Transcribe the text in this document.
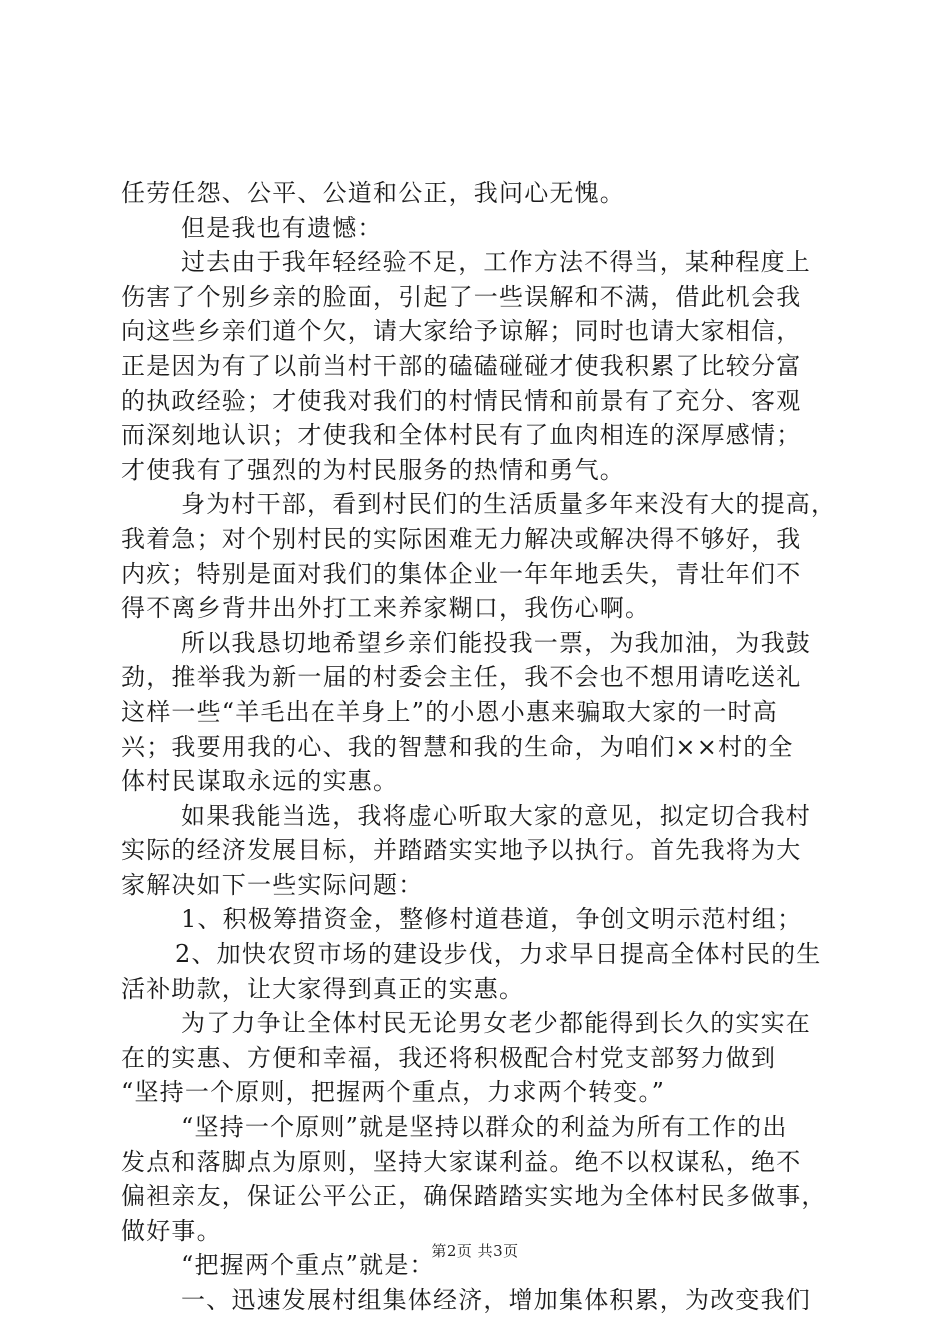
任劳任怨、公平、公道和公正，我问心无愧。
但是我也有遗憾：
过去由于我年轻经验不足，工作方法不得当，某种程度上
伤害了个别乡亲的脸面，引起了一些误解和不满，借此机会我
向这些乡亲们道个欠，请大家给予谅解；同时也请大家相信，
正是因为有了以前当村干部的磕磕碰碰才使我积累了比较分富
的执政经验；才使我对我们的村情民情和前景有了充分、客观
而深刻地认识；才使我和全体村民有了血肉相连的深厚感情；
才使我有了强烈的为村民服务的热情和勇气。
身为村干部，看到村民们的生活质量多年来没有大的提高，
我着急；对个别村民的实际困难无力解决或解决得不够好，我
内疚；特别是面对我们的集体企业一年年地丢失，青壮年们不
得不离乡背井出外打工来养家糊口，我伤心啊。
所以我恳切地希望乡亲们能投我一票，为我加油，为我鼓
劲，推举我为新一届的村委会主任，我不会也不想用请吃送礼
这样一些“羊毛出在羊身上”的小恩小惠来骗取大家的一时高
兴；我要用我的心、我的智慧和我的生命，为咱们××村的全
体村民谋取永远的实惠。
如果我能当选，我将虚心听取大家的意见，拟定切合我村
实际的经济发展目标，并踏踏实实地予以执行。首先我将为大
家解决如下一些实际问题：
1、积极筹措资金，整修村道巷道，争创文明示范村组；
2、加快农贸市场的建设步伐，力求早日提高全体村民的生
活补助款，让大家得到真正的实惠。
为了力争让全体村民无论男女老少都能得到长久的实实在
在的实惠、方便和幸福，我还将积极配合村党支部努力做到
“坚持一个原则，把握两个重点，力求两个转变。”
“坚持一个原则”就是坚持以群众的利益为所有工作的出
发点和落脚点为原则，坚持大家谋利益。绝不以权谋私，绝不
偏袒亲友，保证公平公正，确保踏踏实实地为全体村民多做事，
做好事。
“把握两个重点”就是：
一、迅速发展村组集体经济，增加集体积累，为改变我们
第2页 共3页
